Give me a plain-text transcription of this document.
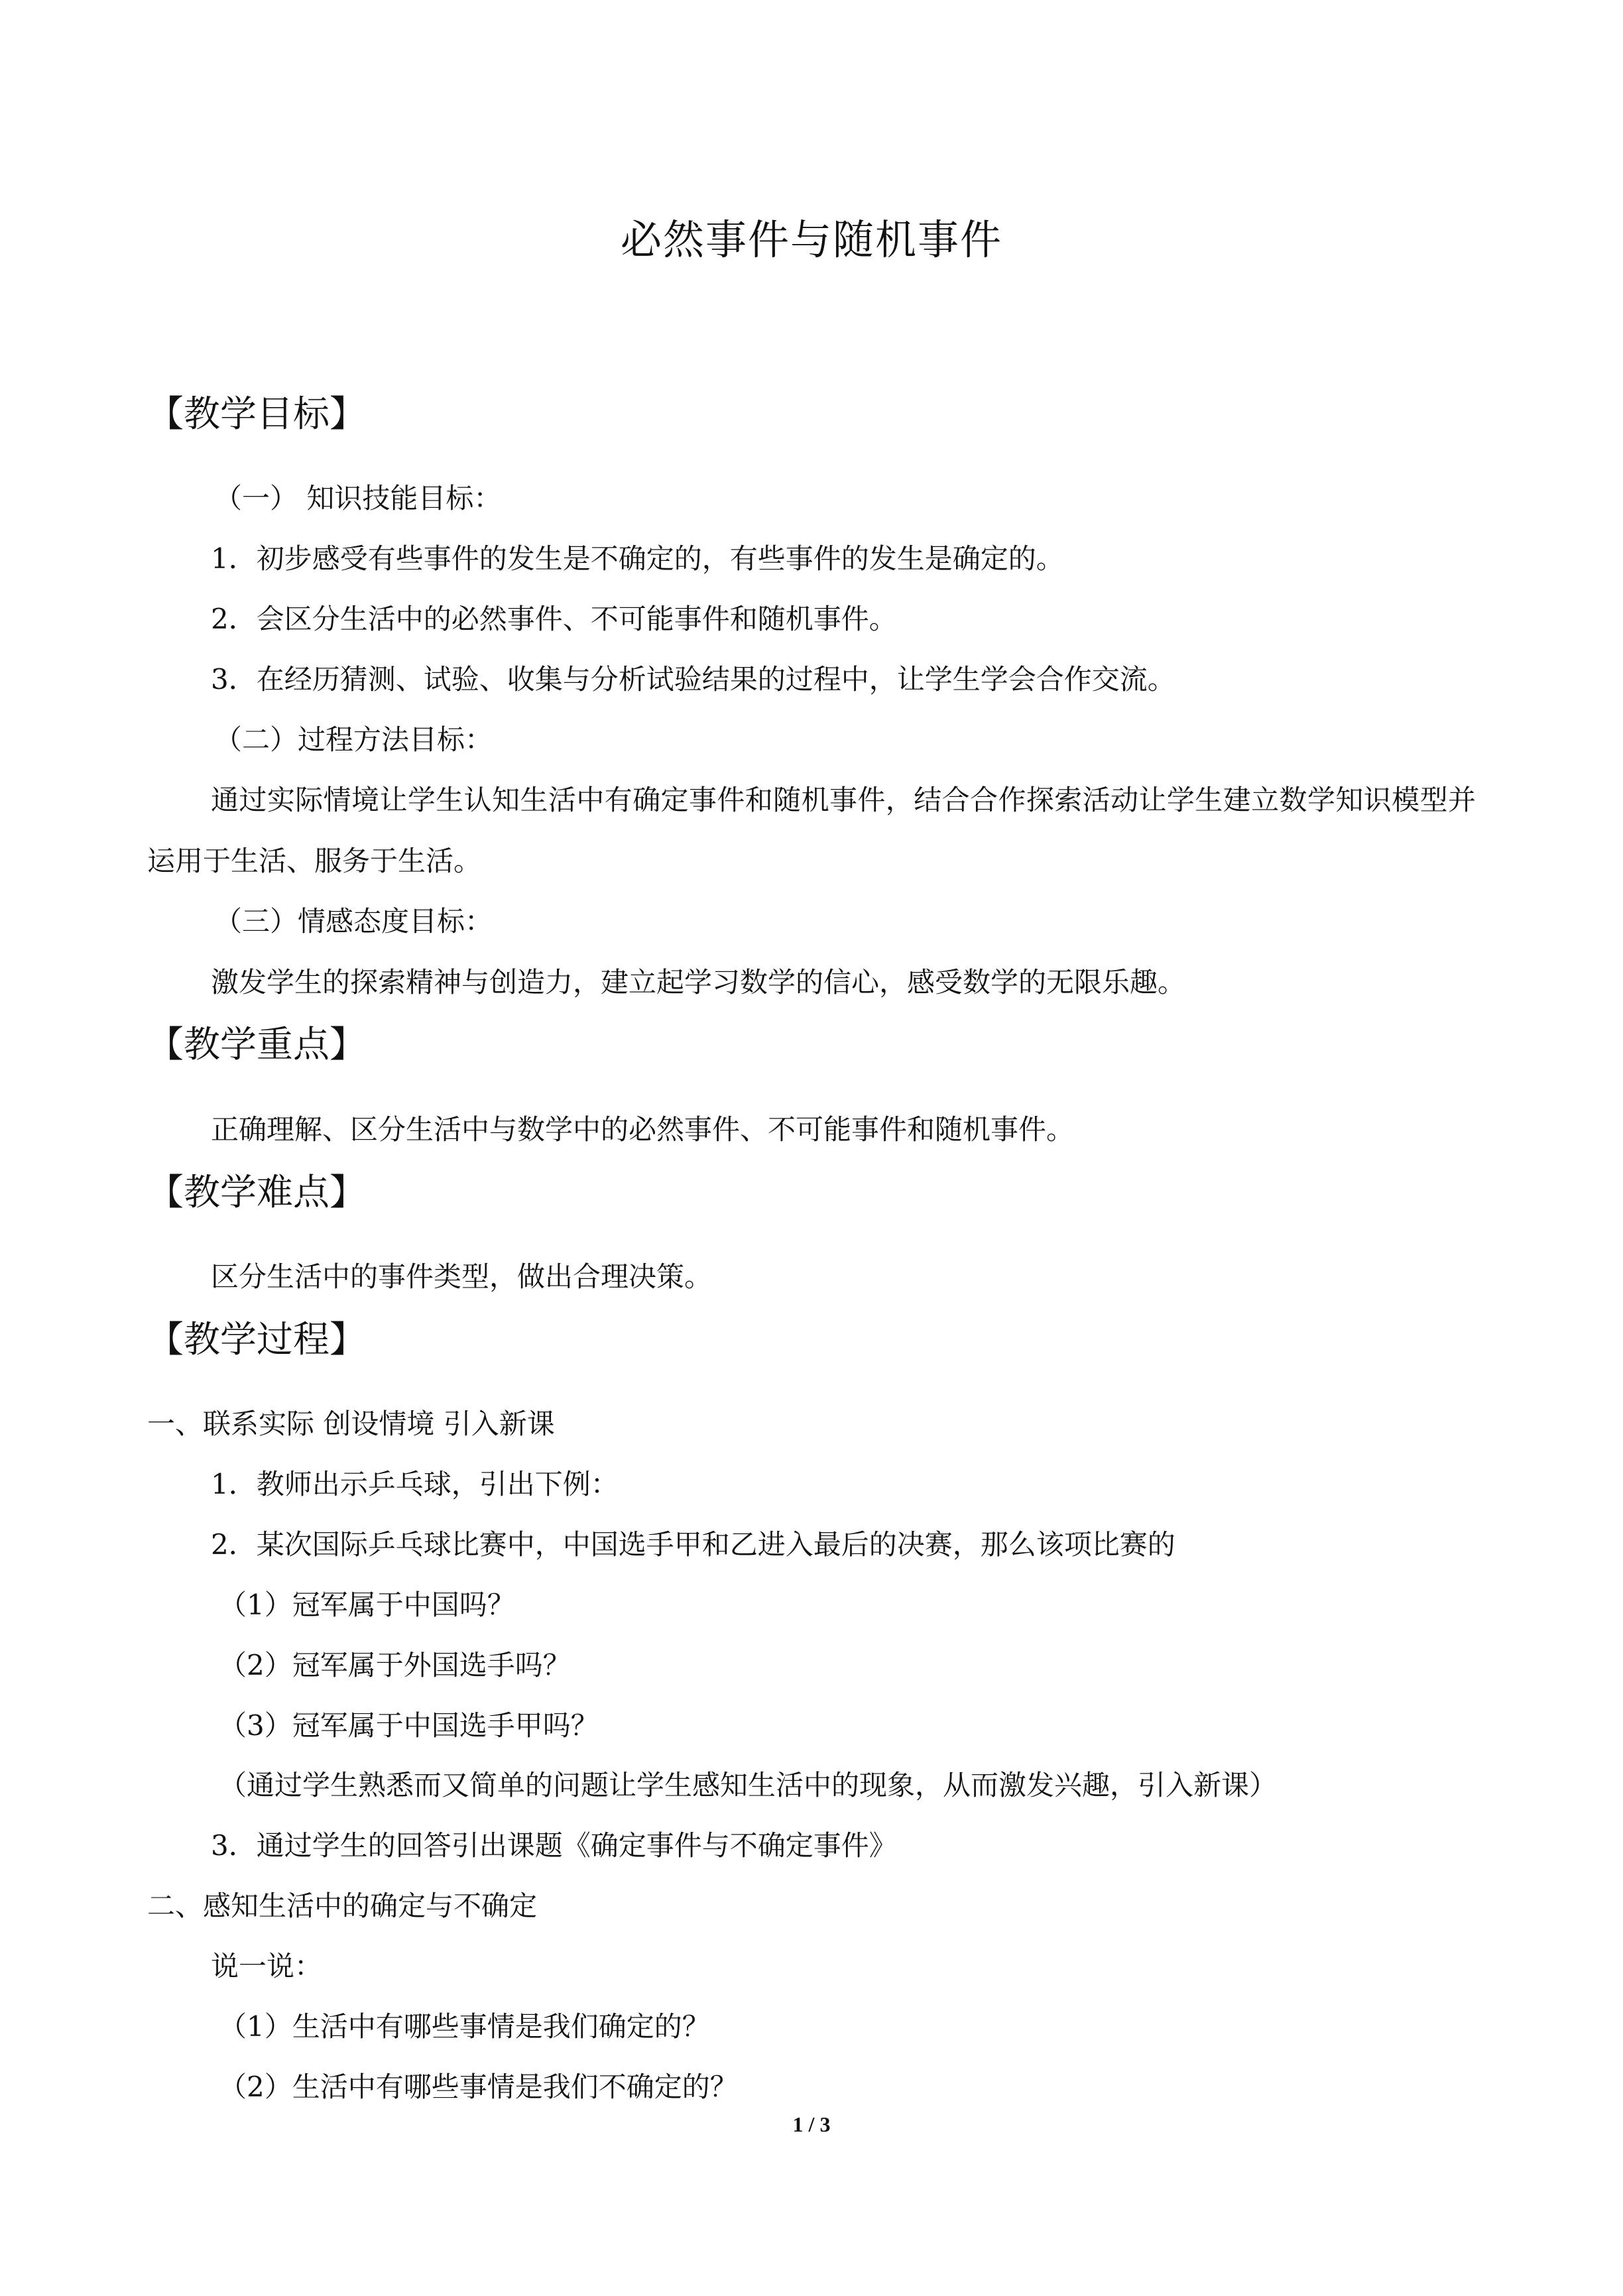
必然事件与随机事件
【教学目标】
（一） 知识技能目标：
1．初步感受有些事件的发生是不确定的，有些事件的发生是确定的。
2．会区分生活中的必然事件、不可能事件和随机事件。
3．在经历猜测、试验、收集与分析试验结果的过程中，让学生学会合作交流。
（二）过程方法目标：
通过实际情境让学生认知生活中有确定事件和随机事件，结合合作探索活动让学生建立数学知识模型并运用于生活、服务于生活。
（三）情感态度目标：
激发学生的探索精神与创造力，建立起学习数学的信心，感受数学的无限乐趣。
【教学重点】
正确理解、区分生活中与数学中的必然事件、不可能事件和随机事件。
【教学难点】
区分生活中的事件类型，做出合理决策。
【教学过程】
一、联系实际 创设情境 引入新课
1．教师出示乒乓球，引出下例：
2．某次国际乒乓球比赛中，中国选手甲和乙进入最后的决赛，那么该项比赛的
（1）冠军属于中国吗？
（2）冠军属于外国选手吗？
（3）冠军属于中国选手甲吗？
（通过学生熟悉而又简单的问题让学生感知生活中的现象，从而激发兴趣，引入新课）
3．通过学生的回答引出课题《确定事件与不确定事件》
二、感知生活中的确定与不确定
说一说：
（1）生活中有哪些事情是我们确定的？
（2）生活中有哪些事情是我们不确定的？
1 / 3
